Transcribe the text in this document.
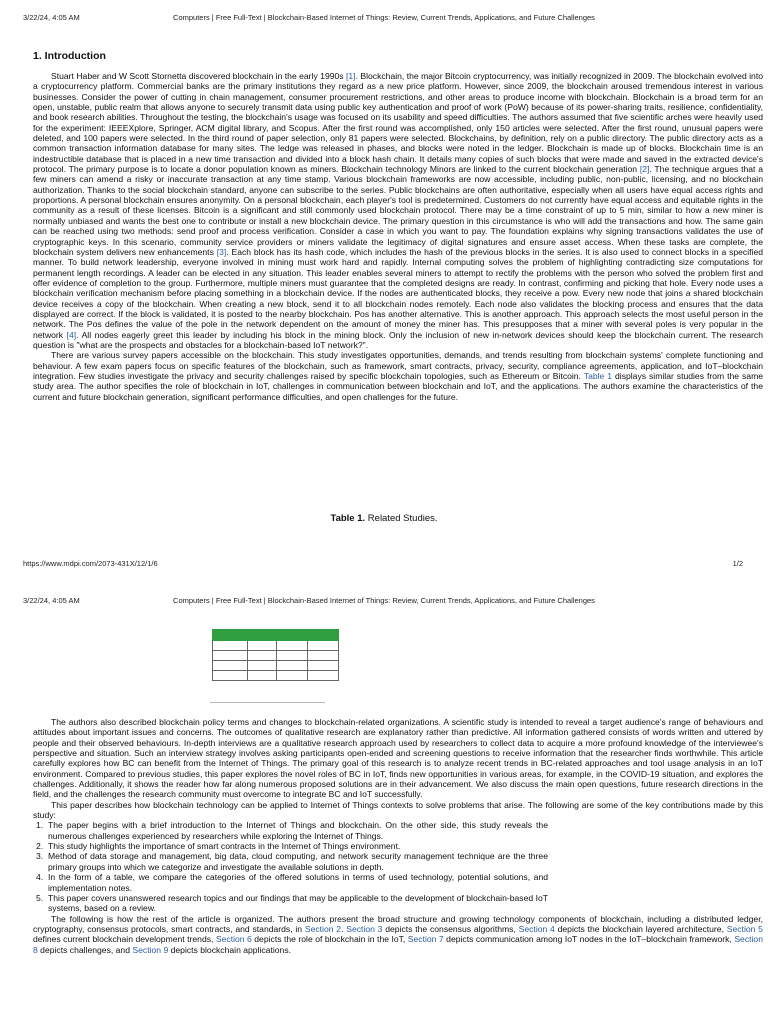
3/22/24, 4:05 AM	Computers | Free Full-Text | Blockchain-Based Internet of Things: Review, Current Trends, Applications, and Future Challenges
1. Introduction

Stuart Haber and W Scott Stornetta discovered blockchain in the early 1990s [1]. Blockchain, the major Bitcoin cryptocurrency, was initially recognized in 2009. The blockchain evolved into a cryptocurrency platform. Commercial banks are the primary institutions they regard as a new price platform. However, since 2009, the blockchain aroused tremendous interest in various businesses. Consider the power of cutting in chain management, consumer procurement restrictions, and other areas to produce income with blockchain. Blockchain is a broad term for an open, unstable, public realm that allows anyone to securely transmit data using public key authentication and proof of work (PoW) because of its power-sharing traits, resilience, confidentiality, and book research abilities. Throughout the testing, the blockchain's usage was focused on its usability and speed difficulties. The authors assumed that five scientific arches were heavily used for the experiment: IEEEXplore, Springer, ACM digital library, and Scopus. After the first round was accomplished, only 150 articles were selected. After the first round, unusual papers were deleted, and 100 papers were selected. In the third round of paper selection, only 81 papers were selected. Blockchains, by definition, rely on a public directory. The public directory acts as a common transaction information database for many sites. The ledge was released in phases, and blocks were noted in the ledger. Blockchain is made up of blocks. Blockchain time is an indestructible database that is placed in a new time transaction and divided into a block hash chain. It details many copies of such blocks that were made and saved in the extracted device's protocol. The primary purpose is to locate a donor population known as miners. Blockchain technology Minors are linked to the current blockchain generation [2]. The technique argues that a few miners can amend a risky or inaccurate transaction at any time stamp. Various blockchain frameworks are now accessible, including public, non-public, licensing, and no blockchain authorization. Thanks to the social blockchain standard, anyone can subscribe to the series. Public blockchains are often authoritative, especially when all users have equal access rights and proportions. A personal blockchain ensures anonymity. On a personal blockchain, each player's tool is predetermined. Customers do not currently have equal access and equitable rights in the community as a result of these licenses. Bitcoin is a significant and still commonly used blockchain protocol. There may be a time constraint of up to 5 min, similar to how a new miner is normally unbiased and wants the best one to contribute or install a new blockchain device. The primary question in this circumstance is who will add the transactions and how. The same gain can be reached using two methods: send proof and process verification. Consider a case in which you want to pay. The foundation explains why signing transactions validates the use of cryptographic keys. In this scenario, community service providers or miners validate the legitimacy of digital signatures and ensure asset access. When these tasks are complete, the blockchain system delivers new enhancements [3]. Each block has its hash code, which includes the hash of the previous blocks in the series. It is also used to connect blocks in a specified manner. To build network leadership, everyone involved in mining must work hard and rapidly. Internal computing solves the problem of highlighting contradicting size computations for permanent length recordings. A leader can be elected in any situation. This leader enables several miners to attempt to rectify the problems with the person who solved the problem first and offer evidence of completion to the group. Furthermore, multiple miners must guarantee that the completed designs are ready. In contrast, confirming and picking that hole. Every node uses a blockchain verification mechanism before placing something in a blockchain device. If the nodes are authenticated blocks, they receive a pow. Every new node that joins a shared blockchain device receives a copy of the blockchain. When creating a new block, send it to all blockchain nodes remotely. Each node also validates the blocking process and ensures that the data displayed are correct. If the block is validated, it is posted to the nearby blockchain. Pos has another alternative. This is another approach. This approach selects the most useful person in the network. The Pos defines the value of the pole in the network dependent on the amount of money the miner has. This presupposes that a miner with several poles is very popular in the network [4]. All nodes eagerly greet this leader by including his block in the mining block. Only the inclusion of new in-network devices should keep the blockchain current. The research question is "what are the prospects and obstacles for a blockchain-based IoT network?".

There are various survey papers accessible on the blockchain. This study investigates opportunities, demands, and trends resulting from blockchain systems' complete functioning and behaviour. A few exam papers focus on specific features of the blockchain, such as framework, smart contracts, privacy, security, compliance agreements, application, and IoT–blockchain integration. Few studies investigate the privacy and security challenges raised by specific blockchain topologies, such as Ethereum or Bitcoin. Table 1 displays similar studies from the same study area. The author specifies the role of blockchain in IoT, challenges in communication between blockchain and IoT, and the applications. The authors examine the characteristics of the current and future blockchain generation, significant performance difficulties, and open challenges for the future.

Table 1. Related Studies.
https://www.mdpi.com/2073-431X/12/1/6	1/2
3/22/24, 4:05 AM	Computers | Free Full-Text | Blockchain-Based Internet of Things: Review, Current Trends, Applications, and Future Challenges

The authors also described blockchain policy terms and changes to blockchain-related organizations. A scientific study is intended to reveal a target audience's range of behaviours and attitudes about important issues and concerns. The outcomes of qualitative research are explanatory rather than predictive. All information gathered consists of words written and uttered by people and their observed behaviours. In-depth interviews are a qualitative research approach used by researchers to collect data to acquire a more profound knowledge of the interviewee's perspective and situation. Such an interview strategy involves asking participants open-ended and screening questions to receive information that the researcher finds worthwhile. This article carefully explores how BC can benefit from the Internet of Things. The primary goal of this research is to analyze recent trends in BC-related approaches and tool usage analysis in an IoT environment. Compared to previous studies, this paper explores the novel roles of BC in IoT, finds new opportunities in various areas, for example, in the COVID-19 situation, and explores the challenges. Additionally, it shows the reader how far along numerous proposed solutions are in their advancement. We also discuss the main open questions, future research directions in the field, and the challenges the research community must overcome to integrate BC and IoT successfully.

This paper describes how blockchain technology can be applied to Internet of Things contexts to solve problems that arise. The following are some of the key contributions made by this study:

1. The paper begins with a brief introduction to the Internet of Things and blockchain. On the other side, this study reveals the numerous challenges experienced by researchers while exploring the Internet of Things.
2. This study highlights the importance of smart contracts in the Internet of Things environment.
3. Method of data storage and management, big data, cloud computing, and network security management technique are the three primary groups into which we categorize and investigate the available solutions in depth.
4. In the form of a table, we compare the categories of the offered solutions in terms of used technology, potential solutions, and implementation notes.
5. This paper covers unanswered research topics and our findings that may be applicable to the development of blockchain-based IoT systems, based on a review.

The following is how the rest of the article is organized. The authors present the broad structure and growing technology components of blockchain, including a distributed ledger, cryptography, consensus protocols, smart contracts, and standards, in Section 2. Section 3 depicts the consensus algorithms, Section 4 depicts the blockchain layered architecture, Section 5 defines current blockchain development trends, Section 6 depicts the role of blockchain in the IoT, Section 7 depicts communication among IoT nodes in the IoT–blockchain framework, Section 8 depicts challenges, and Section 9 depicts blockchain applications.
